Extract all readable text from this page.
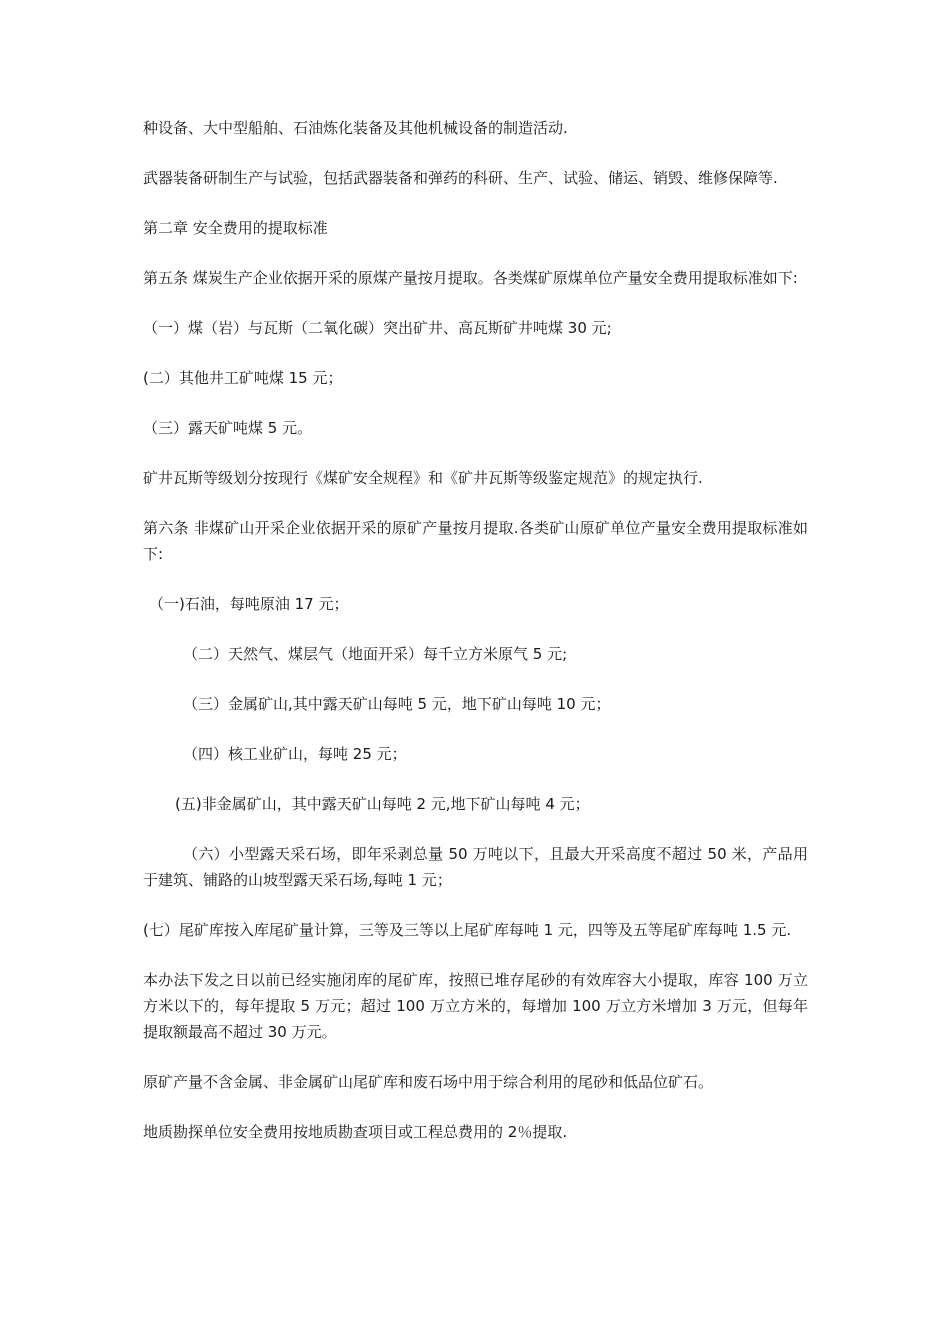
种设备、大中型船舶、石油炼化装备及其他机械设备的制造活动.

武器装备研制生产与试验，包括武器装备和弹药的科研、生产、试验、储运、销毁、维修保障等.

第二章 安全费用的提取标准

第五条 煤炭生产企业依据开采的原煤产量按月提取。各类煤矿原煤单位产量安全费用提取标准如下:

（一）煤（岩）与瓦斯（二氧化碳）突出矿井、高瓦斯矿井吨煤 30 元;

(二）其他井工矿吨煤 15 元；

（三）露天矿吨煤 5 元。

矿井瓦斯等级划分按现行《煤矿安全规程》和《矿井瓦斯等级鉴定规范》的规定执行.

第六条 非煤矿山开采企业依据开采的原矿产量按月提取.各类矿山原矿单位产量安全费用提取标准如下:

（一)石油，每吨原油 17 元；

（二）天然气、煤层气（地面开采）每千立方米原气 5 元;

（三）金属矿山,其中露天矿山每吨 5 元，地下矿山每吨 10 元；

（四）核工业矿山，每吨 25 元；

(五)非金属矿山，其中露天矿山每吨 2 元,地下矿山每吨 4 元；

（六）小型露天采石场，即年采剥总量 50 万吨以下，且最大开采高度不超过 50 米，产品用于建筑、铺路的山坡型露天采石场,每吨 1 元；

(七）尾矿库按入库尾矿量计算，三等及三等以上尾矿库每吨 1 元，四等及五等尾矿库每吨 1.5 元.

本办法下发之日以前已经实施闭库的尾矿库，按照已堆存尾砂的有效库容大小提取，库容 100 万立方米以下的，每年提取 5 万元；超过 100 万立方米的，每增加 100 万立方米增加 3 万元，但每年提取额最高不超过 30 万元。

原矿产量不含金属、非金属矿山尾矿库和废石场中用于综合利用的尾砂和低品位矿石。

地质勘探单位安全费用按地质勘查项目或工程总费用的 2％提取.
